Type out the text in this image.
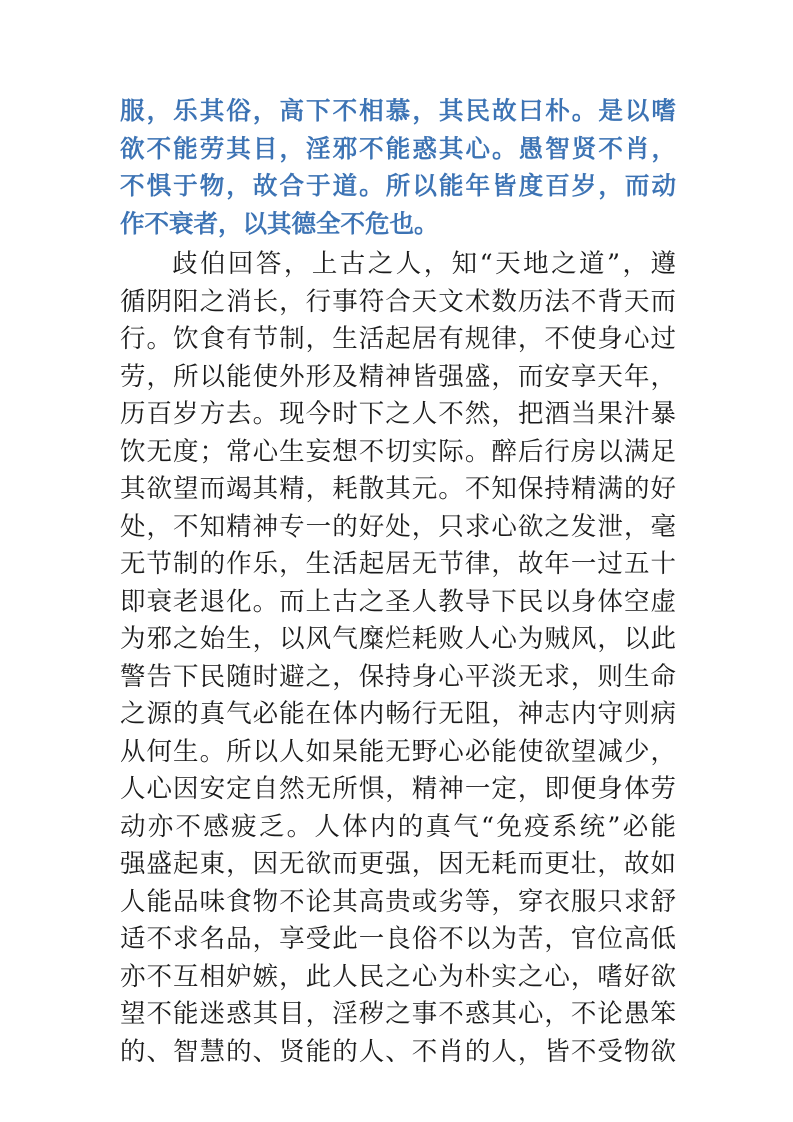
服，乐其俗，高下不相慕，其民故曰朴。是以嗜
欲不能劳其目，淫邪不能惑其心。愚智贤不肖，
不惧于物，故合于道。所以能年皆度百岁，而动
作不衰者，以其德全不危也。
歧伯回答，上古之人，知“天地之道”，遵
循阴阳之消长，行事符合天文术数历法不背天而
行。饮食有节制，生活起居有规律，不使身心过
劳，所以能使外形及精神皆强盛，而安享天年，
历百岁方去。现今时下之人不然，把酒当果汁暴
饮无度；常心生妄想不切实际。醉后行房以满足
其欲望而竭其精，耗散其元。不知保持精满的好
处，不知精神专一的好处，只求心欲之发泄，毫
无节制的作乐，生活起居无节律，故年一过五十
即衰老退化。而上古之圣人教导下民以身体空虚
为邪之始生，以风气糜烂耗败人心为贼风，以此
警告下民随时避之，保持身心平淡无求，则生命
之源的真气必能在体内畅行无阻，神志内守则病
从何生。所以人如杲能无野心必能使欲望减少，
人心因安定自然无所惧，精神一定，即便身体劳
动亦不感疲乏。人体内的真气“免疫系统”必能
强盛起東，因无欲而更强，因无耗而更壮，故如
人能品味食物不论其高贵或劣等，穿衣服只求舒
适不求名品，享受此一良俗不以为苦，官位高低
亦不互相妒嫉，此人民之心为朴实之心，嗜好欲
望不能迷惑其目，淫秽之事不惑其心，不论愚笨
的、智慧的、贤能的人、不肖的人，皆不受物欲
